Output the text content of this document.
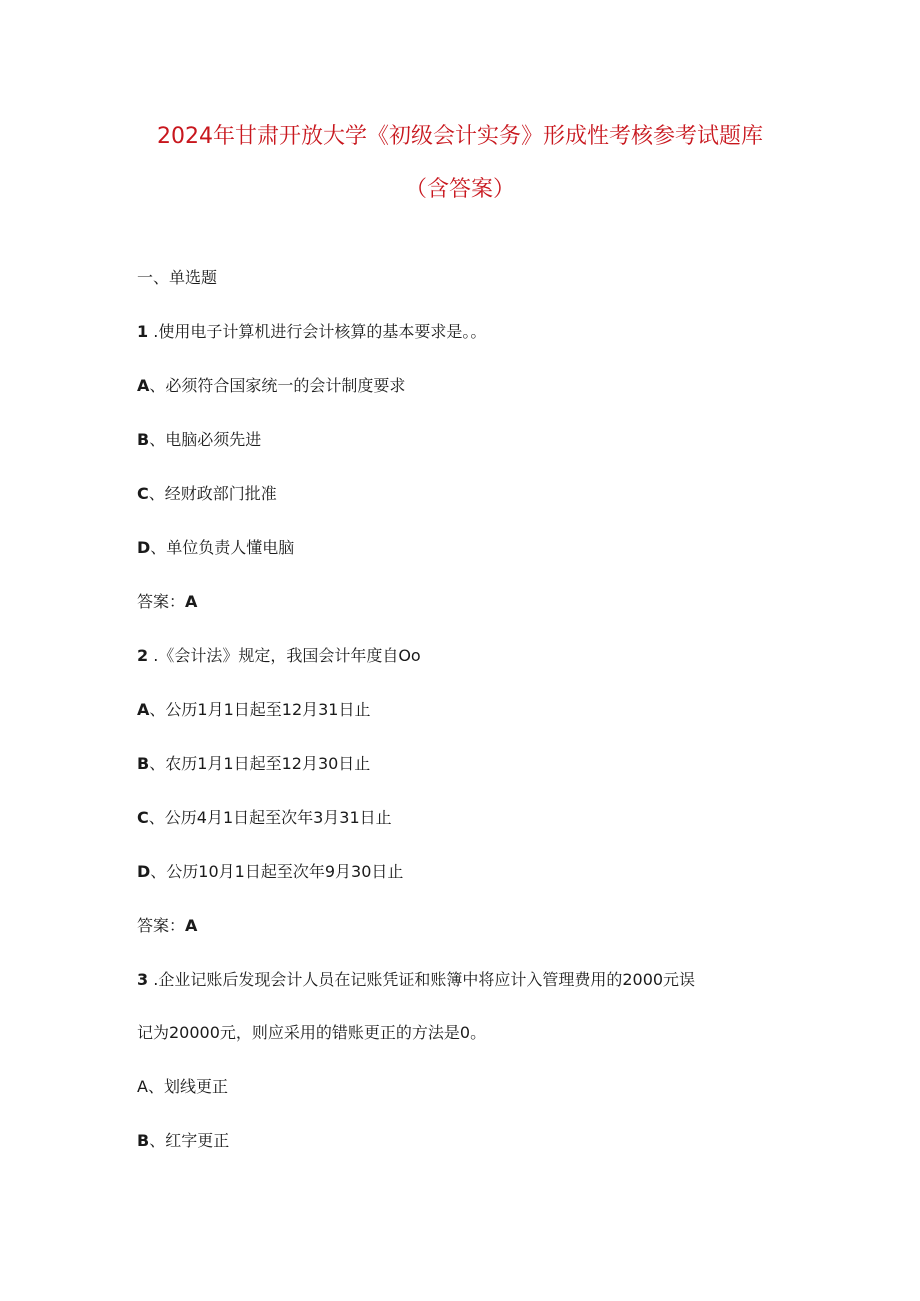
2024年甘肃开放大学《初级会计实务》形成性考核参考试题库
（含答案）
一、单选题
1 .使用电子计算机进行会计核算的基本要求是。。
A、必须符合国家统一的会计制度要求
B、电脑必须先进
C、经财政部门批准
D、单位负责人懂电脑
答案：A
2 .《会计法》规定，我国会计年度自Oo
A、公历1月1日起至12月31日止
B、农历1月1日起至12月30日止
C、公历4月1日起至次年3月31日止
D、公历10月1日起至次年9月30日止
答案：A
3 .企业记账后发现会计人员在记账凭证和账簿中将应计入管理费用的2000元误
记为20000元，则应采用的错账更正的方法是0。
A、划线更正
B、红字更正
